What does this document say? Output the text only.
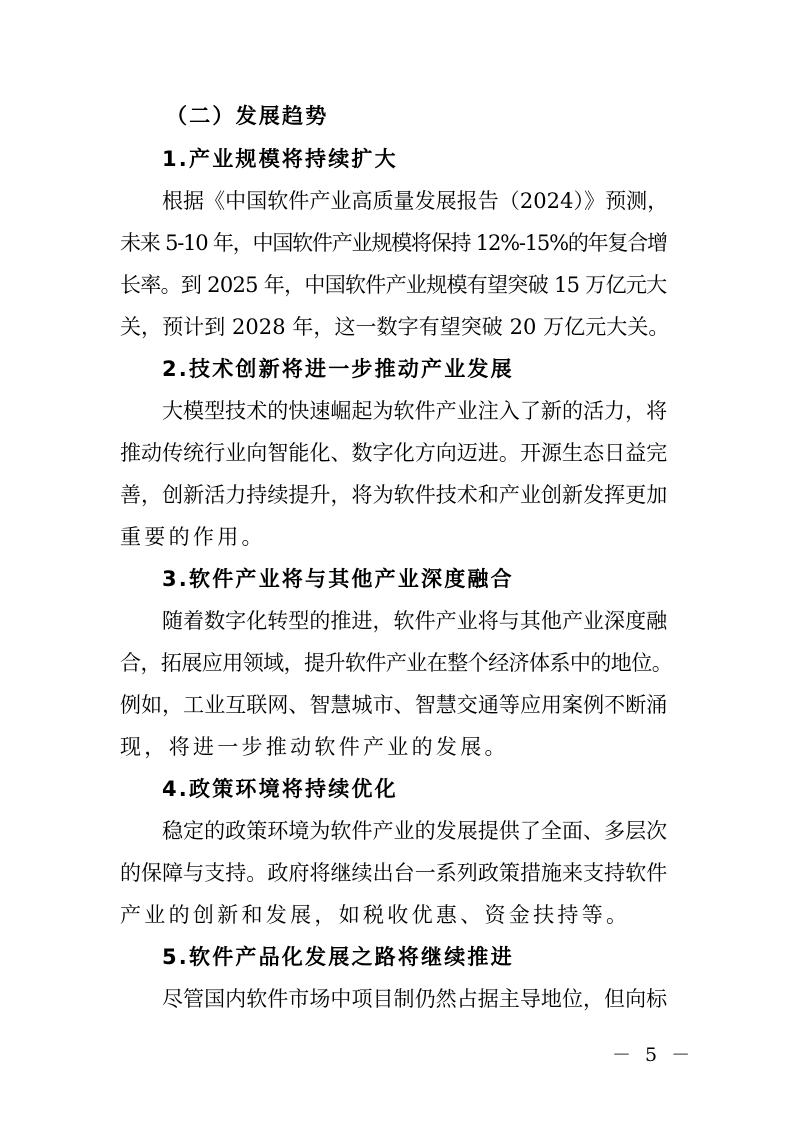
（二）发展趋势
1.产业规模将持续扩大
根据《中国软件产业高质量发展报告（2024）》预测，
未来 5-10 年，中国软件产业规模将保持 12%-15%的年复合增
长率。到 2025 年，中国软件产业规模有望突破 15 万亿元大
关，预计到 2028 年，这一数字有望突破 20 万亿元大关。
2.技术创新将进一步推动产业发展
大模型技术的快速崛起为软件产业注入了新的活力，将
推动传统行业向智能化、数字化方向迈进。开源生态日益完
善，创新活力持续提升，将为软件技术和产业创新发挥更加
重要的作用。
3.软件产业将与其他产业深度融合
随着数字化转型的推进，软件产业将与其他产业深度融
合，拓展应用领域，提升软件产业在整个经济体系中的地位。
例如，工业互联网、智慧城市、智慧交通等应用案例不断涌
现，将进一步推动软件产业的发展。
4.政策环境将持续优化
稳定的政策环境为软件产业的发展提供了全面、多层次
的保障与支持。政府将继续出台一系列政策措施来支持软件
产业的创新和发展，如税收优惠、资金扶持等。
5.软件产品化发展之路将继续推进
尽管国内软件市场中项目制仍然占据主导地位，但向标
－ 5 －
